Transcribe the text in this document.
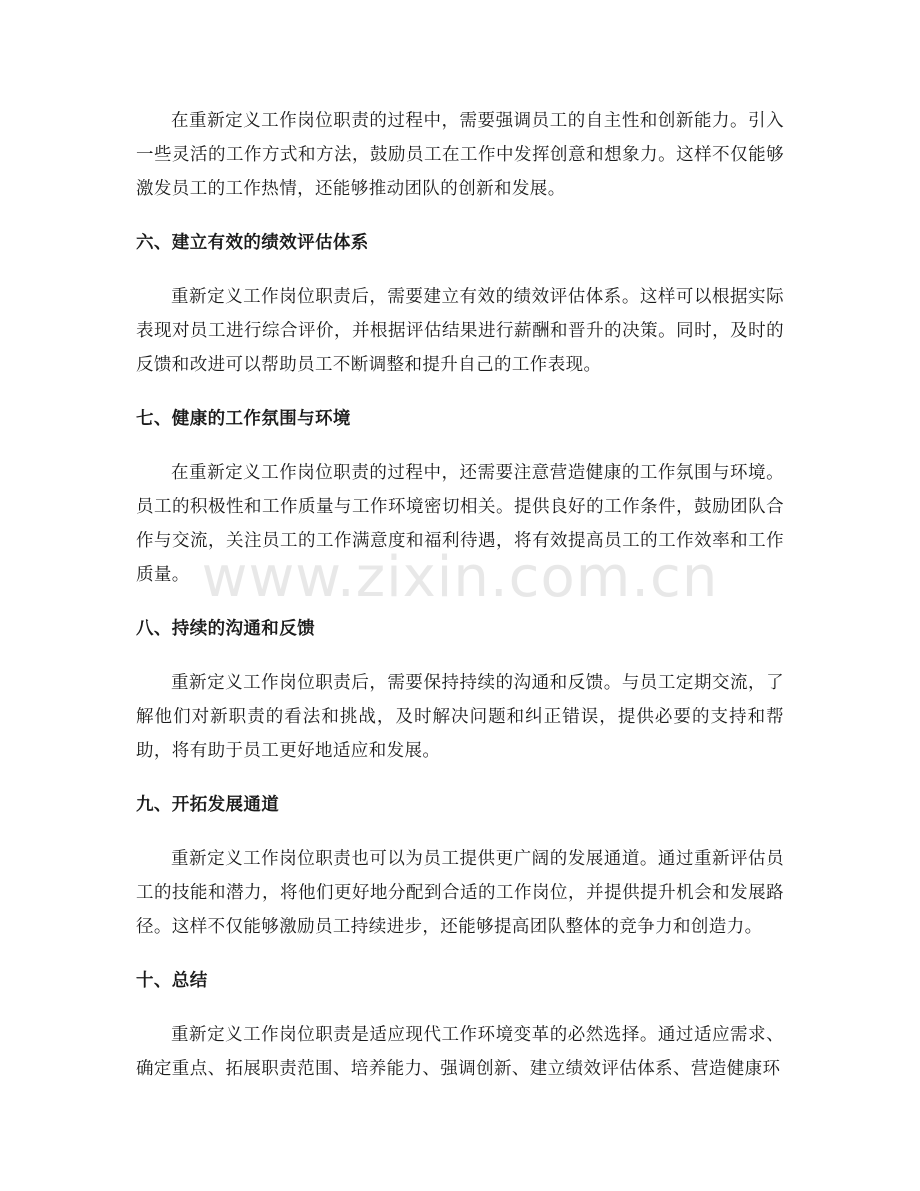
在重新定义工作岗位职责的过程中，需要强调员工的自主性和创新能力。引入一些灵活的工作方式和方法，鼓励员工在工作中发挥创意和想象力。这样不仅能够激发员工的工作热情，还能够推动团队的创新和发展。

六、建立有效的绩效评估体系

重新定义工作岗位职责后，需要建立有效的绩效评估体系。这样可以根据实际表现对员工进行综合评价，并根据评估结果进行薪酬和晋升的决策。同时，及时的反馈和改进可以帮助员工不断调整和提升自己的工作表现。

七、健康的工作氛围与环境

在重新定义工作岗位职责的过程中，还需要注意营造健康的工作氛围与环境。员工的积极性和工作质量与工作环境密切相关。提供良好的工作条件，鼓励团队合作与交流，关注员工的工作满意度和福利待遇，将有效提高员工的工作效率和工作质量。

八、持续的沟通和反馈

重新定义工作岗位职责后，需要保持持续的沟通和反馈。与员工定期交流，了解他们对新职责的看法和挑战，及时解决问题和纠正错误，提供必要的支持和帮助，将有助于员工更好地适应和发展。

九、开拓发展通道

重新定义工作岗位职责也可以为员工提供更广阔的发展通道。通过重新评估员工的技能和潜力，将他们更好地分配到合适的工作岗位，并提供提升机会和发展路径。这样不仅能够激励员工持续进步，还能够提高团队整体的竞争力和创造力。

十、总结

重新定义工作岗位职责是适应现代工作环境变革的必然选择。通过适应需求、确定重点、拓展职责范围、培养能力、强调创新、建立绩效评估体系、营造健康环

www.zixin.com.cn
